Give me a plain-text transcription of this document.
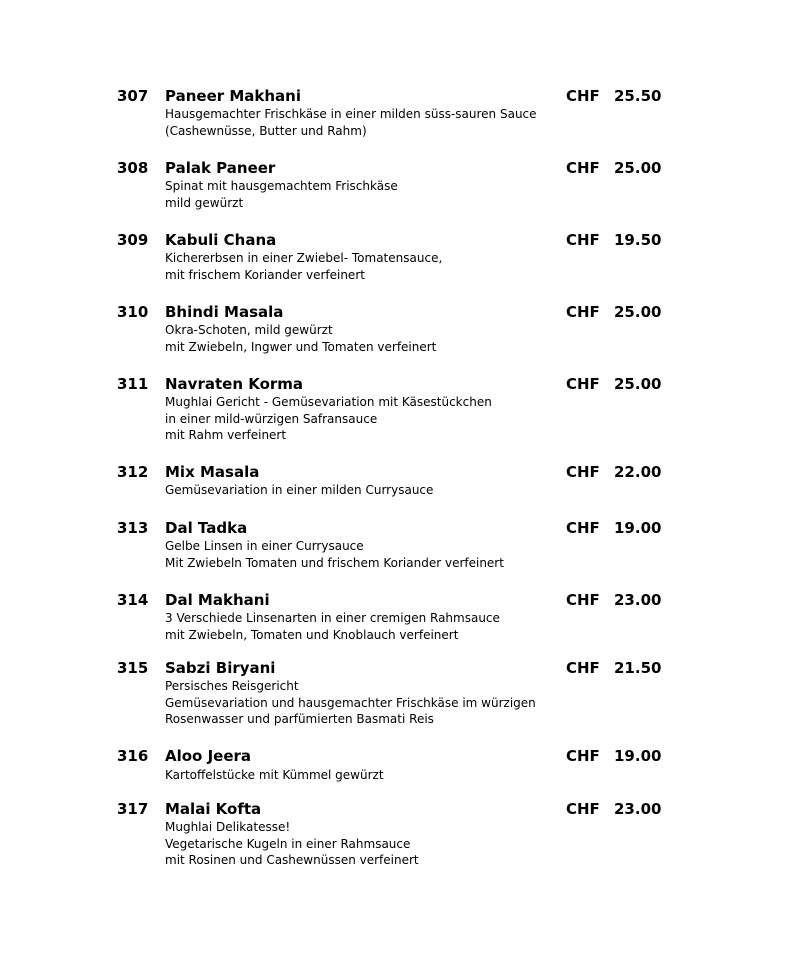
307 Paneer Makhani	CHF 25.50
Hausgemachter Frischkäse in einer milden süss-sauren Sauce
(Cashewnüsse, Butter und Rahm)
308 Palak Paneer	CHF 25.00
Spinat mit hausgemachtem Frischkäse
mild gewürzt
309 Kabuli Chana	CHF 19.50
Kichererbsen in einer Zwiebel- Tomatensauce,
mit frischem Koriander verfeinert
310 Bhindi Masala	CHF 25.00
Okra-Schoten, mild gewürzt
mit Zwiebeln, Ingwer und Tomaten verfeinert
311 Navraten Korma	CHF 25.00
Mughlai Gericht - Gemüsevariation mit Käsestückchen
in einer mild-würzigen Safransauce
mit Rahm verfeinert
312 Mix Masala	CHF 22.00
Gemüsevariation in einer milden Currysauce
313 Dal Tadka	CHF 19.00
Gelbe Linsen in einer Currysauce
Mit Zwiebeln Tomaten und frischem Koriander verfeinert
314 Dal Makhani	CHF 23.00
3 Verschiede Linsenarten in einer cremigen Rahmsauce
mit Zwiebeln, Tomaten und Knoblauch verfeinert
315 Sabzi Biryani	CHF 21.50
Persisches Reisgericht
Gemüsevariation und hausgemachter Frischkäse im würzigen
Rosenwasser und parfümierten Basmati Reis
316 Aloo Jeera	CHF 19.00
Kartoffelstücke mit Kümmel gewürzt
317 Malai Kofta	CHF 23.00
Mughlai Delikatesse!
Vegetarische Kugeln in einer Rahmsauce
mit Rosinen und Cashewnüssen verfeinert
